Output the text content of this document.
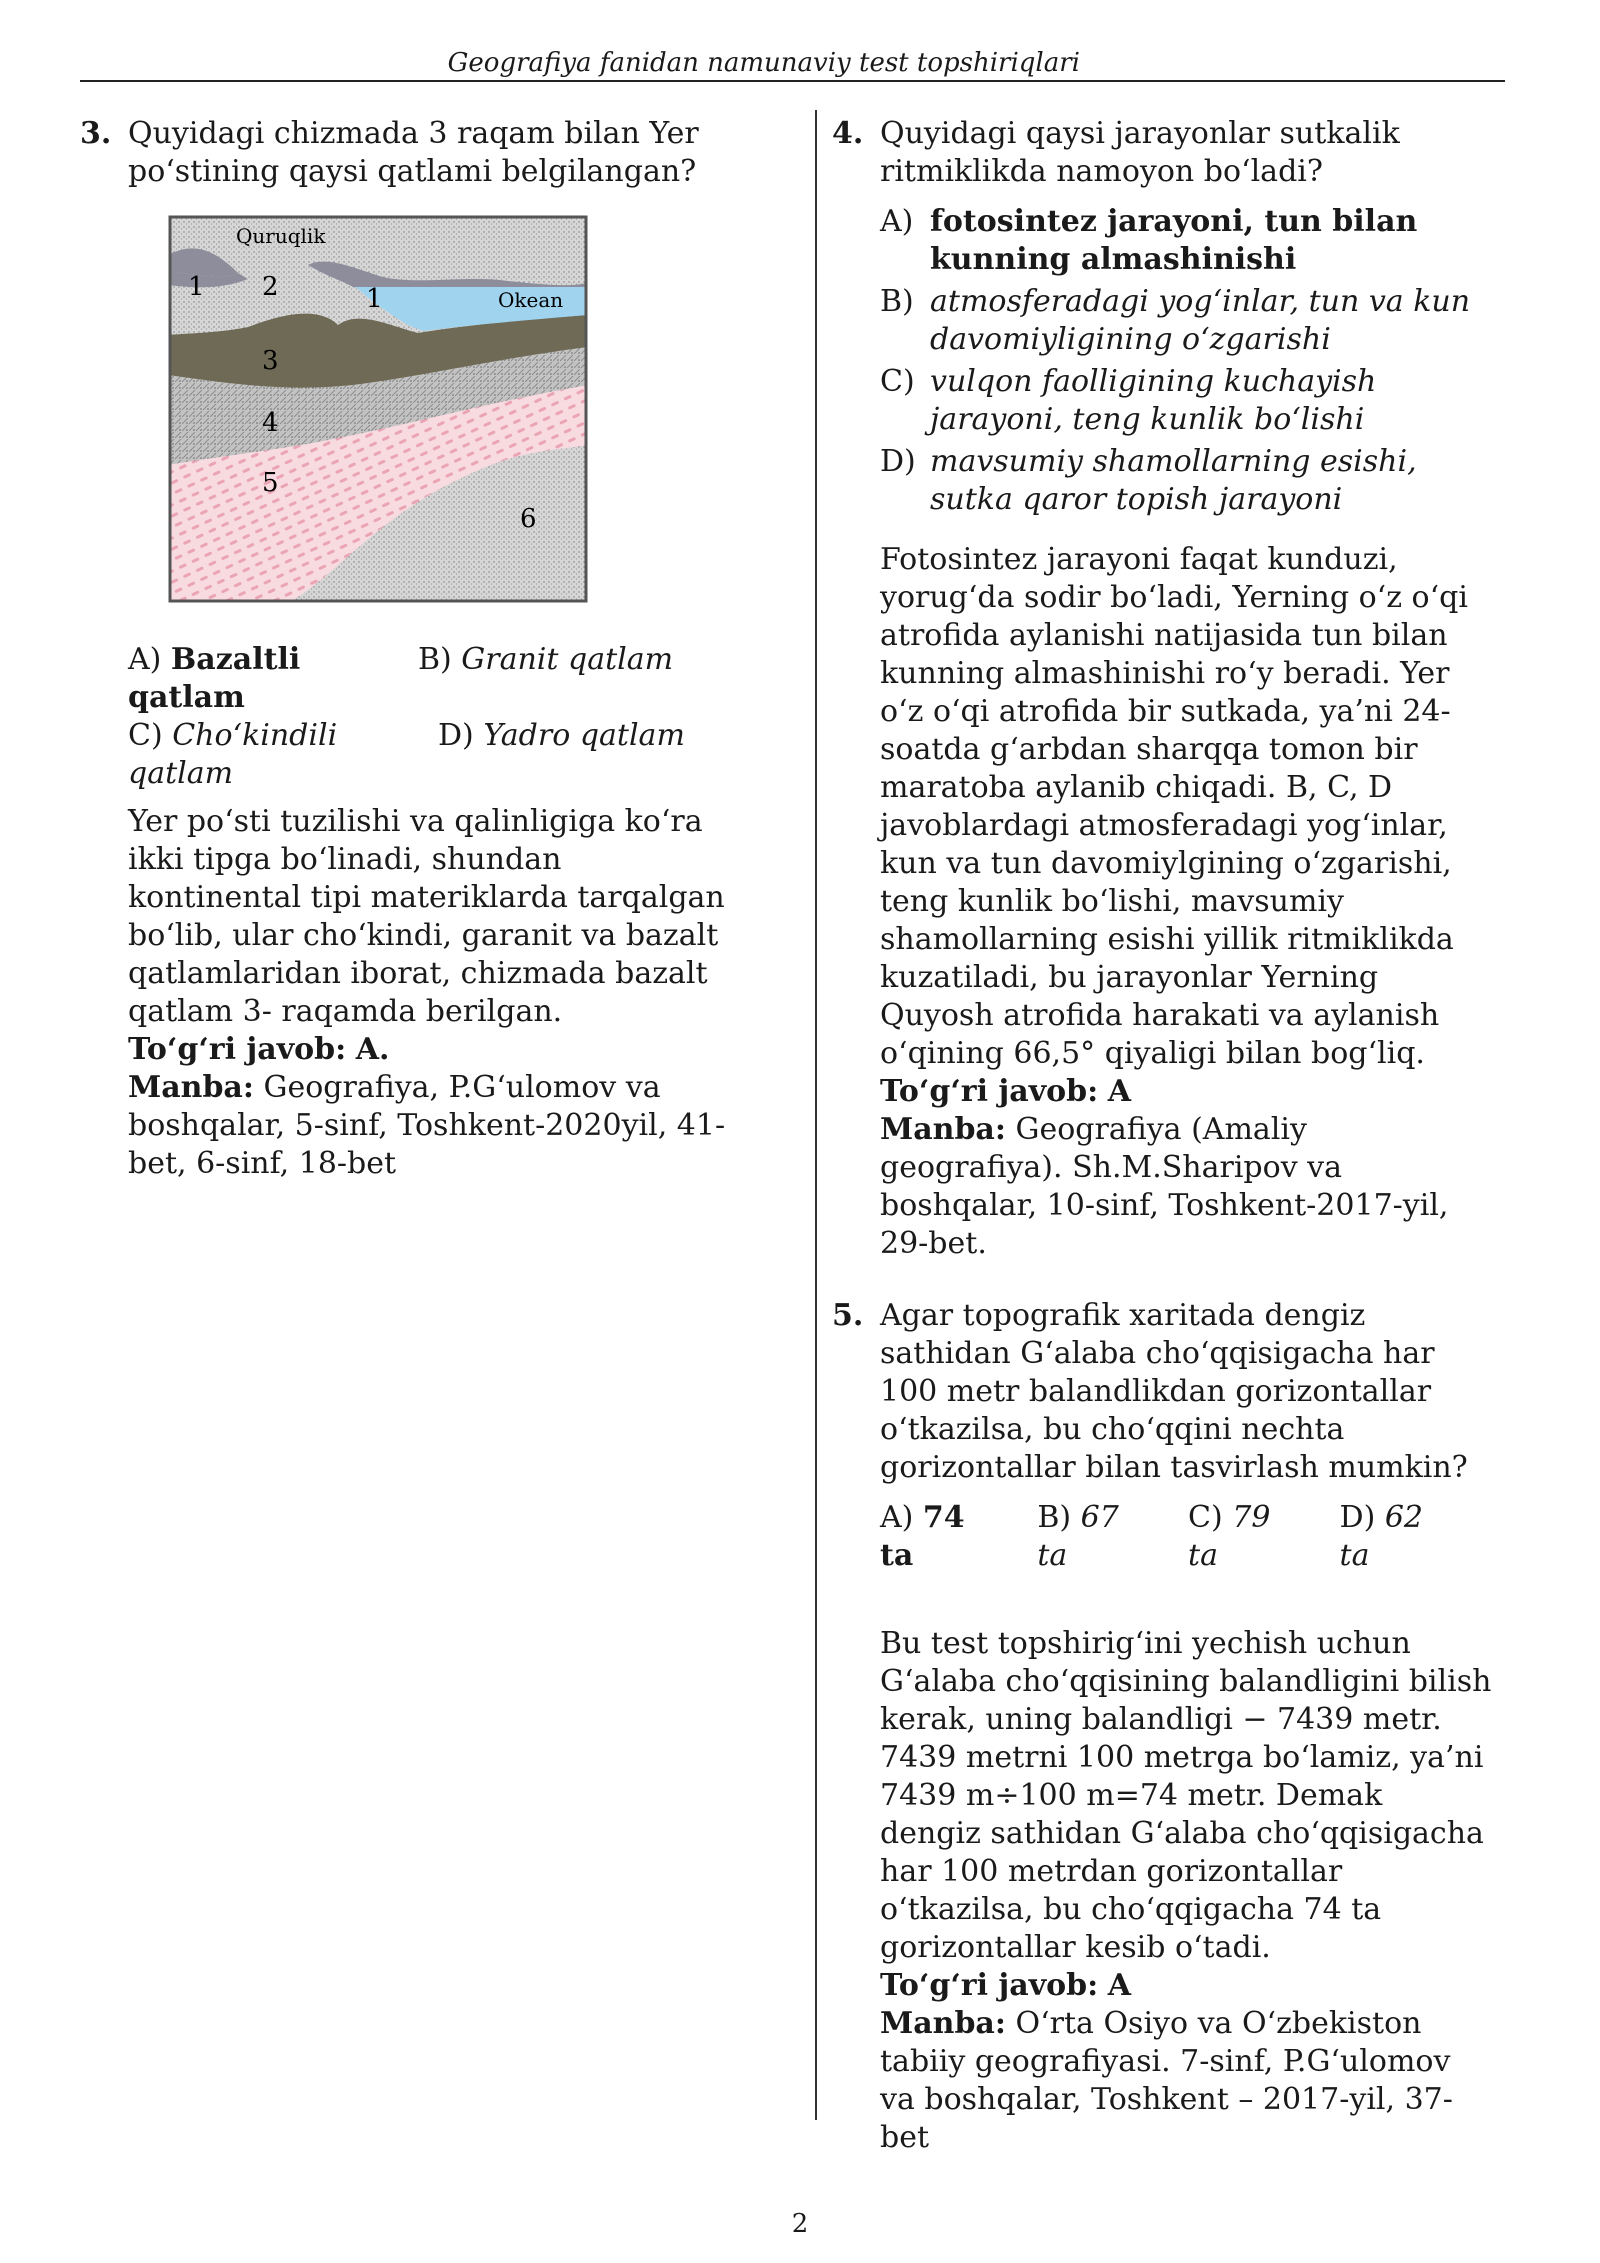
Geografiya fanidan namunaviy test topshiriqlari
3. Quyidagi chizmada 3 raqam bilan Yer po‘stining qaysi qatlami belgilangan?

Quruqlik
Okean
1 2	1
3
4
5
6
A) Bazaltli qatlam
B) Granit qatlam
C) Cho‘kindili qatlam
D) Yadro qatlam

Yer po‘sti tuzilishi va qalinligiga ko‘ra ikki tipga bo‘linadi, shundan kontinental tipi materiklarda tarqalgan bo‘lib, ular cho‘kindi, garanit va bazalt qatlamlaridan iborat, chizmada bazalt qatlam 3- raqamda berilgan.

To‘g‘ri javob: A.

Manba: Geografiya, P.G‘ulomov va boshqalar, 5-sinf, Toshkent-2020yil, 41-bet, 6-sinf, 18-bet

4. Quyidagi qaysi jarayonlar sutkalik ritmiklikda namoyon bo‘ladi?

A) fotosintez jarayoni, tun bilan kunning almashinishi
B) atmosferadagi yog‘inlar, tun va kun davomiyligining o‘zgarishi
C) vulqon faolligining kuchayish jarayoni, teng kunlik bo‘lishi
D) mavsumiy shamollarning esishi, sutka qaror topish jarayoni

Fotosintez jarayoni faqat kunduzi, yorug‘da sodir bo‘ladi, Yerning o‘z o‘qi atrofida aylanishi natijasida tun bilan kunning almashinishi ro‘y beradi. Yer o‘z o‘qi atrofida bir sutkada, ya’ni 24-soatda g‘arbdan sharqqa tomon bir maratoba aylanib chiqadi. B, C, D javoblardagi atmosferadagi yog‘inlar, kun va tun davomiylgining o‘zgarishi, teng kunlik bo‘lishi, mavsumiy shamollarning esishi yillik ritmiklikda kuzatiladi, bu jarayonlar Yerning Quyosh atrofida harakati va aylanish o‘qining 66,5° qiyaligi bilan bog‘liq.

To‘g‘ri javob: A

Manba: Geografiya (Amaliy geografiya). Sh.M.Sharipov va boshqalar, 10-sinf, Toshkent-2017-yil, 29-bet.

5. Agar topografik xaritada dengiz sathidan G‘alaba cho‘qqisigacha har 100 metr balandlikdan gorizontallar o‘tkazilsa, bu cho‘qqini nechta gorizontallar bilan tasvirlash mumkin?

A) 74 ta
B) 67 ta
C) 79 ta
D) 62 ta

Bu test topshirig‘ini yechish uchun G‘alaba cho‘qqisining balandligini bilish kerak, uning balandligi − 7439 metr. 7439 metrni 100 metrga bo‘lamiz, ya’ni 7439 m÷100 m=74 metr. Demak dengiz sathidan G‘alaba cho‘qqisigacha har 100 metrdan gorizontallar o‘tkazilsa, bu cho‘qqigacha 74 ta gorizontallar kesib o‘tadi.

To‘g‘ri javob: A

Manba: O‘rta Osiyo va O‘zbekiston tabiiy geografiyasi. 7-sinf, P.G‘ulomov va boshqalar, Toshkent – 2017-yil, 37-bet

2
